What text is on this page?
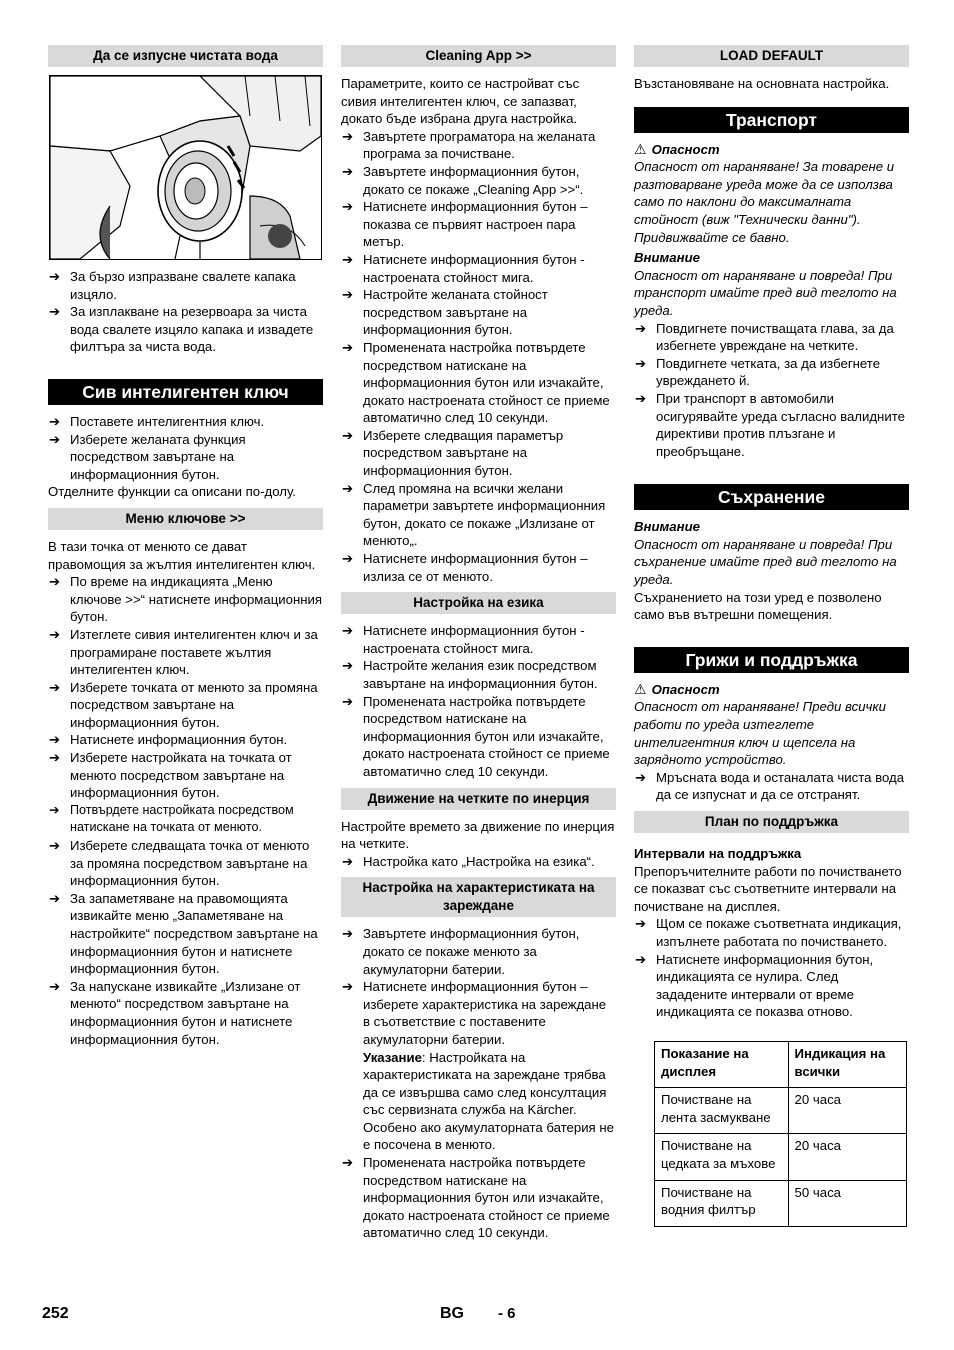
Да се изпусне чистата вода
➔ За бързо изпразване свалете капака изцяло.
➔ За изплакване на резервоара за чиста вода свалете изцяло капака и извадете филтъра за чиста вода.
Сив интелигентен ключ
➔ Поставете интелигентния ключ.
➔ Изберете желаната функция посредством завъртане на информационния бутон.

Отделните функции са описани по-долу.

Меню ключове >>

В тази точка от менюто се дават правомощия за жълтия интелигентен ключ.

➔ По време на индикацията „Меню ключове >>“ натиснете информационния бутон.
➔ Изтеглете сивия интелигентен ключ и за програмиране поставете жълтия интелигентен ключ.
➔ Изберете точката от менюто за промяна посредством завъртане на информационния бутон.
➔ Натиснете информационния бутон.
➔ Изберете настройката на точката от менюто посредством завъртане на информационния бутон.
➔ Потвърдете настройката посредством натискане на точката от менюто.
➔ Изберете следващата точка от менюто за промяна посредством завъртане на информационния бутон.
➔ За запаметяване на правомощията извикайте меню „Запаметяване на настройките“ посредством завъртане на информационния бутон и натиснете информационния бутон.
➔ За напускане извикайте „Излизане от менюто“ посредством завъртане на информационния бутон и натиснете информационния бутон.
Cleaning App >>

Параметрите, които се настройват със сивия интелигентен ключ, се запазват, докато бъде избрана друга настройка.

➔ Завъртете програматора на желаната програма за почистване.
➔ Завъртете информационния бутон, докато се покаже „Cleaning App >>“.
➔ Натиснете информационния бутон – показва се първият настроен пара метър.
➔ Натиснете информационния бутон - настроената стойност мига.
➔ Настройте желаната стойност посредством завъртане на информационния бутон.
➔ Променената настройка потвърдете посредством натискане на информационния бутон или изчакайте, докато настроената стойност се приеме автоматично след 10 секунди.
➔ Изберете следващия параметър посредством завъртане на информационния бутон.
➔ След промяна на всички желани параметри завъртете информационния бутон, докато се покаже „Излизане от менюто„.
➔ Натиснете информационния бутон – излиза се от менюто.
Настройка на езика
➔ Натиснете информационния бутон - настроената стойност мига.
➔ Настройте желания език посредством завъртане на информационния бутон.
➔ Променената настройка потвърдете посредством натискане на информационния бутон или изчакайте, докато настроената стойност се приеме автоматично след 10 секунди.
Движение на четките по инерция

Настройте времето за движение по инерция на четките.

➔ Настройка като „Настройка на езика“.
Настройка на характеристиката на зареждане
➔ Завъртете информационния бутон, докато се покаже менюто за акумулаторни батерии.
➔ Натиснете информационния бутон – изберете характеристика на зареждане в съответствие с поставените акумулаторни батерии.
Указание: Настройката на характеристиката на зареждане трябва да се извършва само след консултация със сервизната служба на Kärcher. Особено ако акумулаторната батерия не е посочена в менюто.
➔ Променената настройка потвърдете посредством натискане на информационния бутон или изчакайте, докато настроената стойност се приеме автоматично след 10 секунди.
LOAD DEFAULT

Възстановяване на основната настройка.

Транспорт
⚠ Опасност

Опасност от нараняване! За товарене и разтоварване уреда може да се използва само по наклони до максималната стойност (виж "Технически данни"). Придвижвайте се бавно.

Внимание

Опасност от нараняване и повреда! При транспорт имайте пред вид теглото на уреда.

➔ Повдигнете почистващата глава, за да избегнете увреждане на четките.
➔ Повдигнете четката, за да избегнете увреждането й.
➔ При транспорт в автомобили осигурявайте уреда съгласно валидните директиви против плъзгане и преобръщане.
Съхранение
Внимание

Опасност от нараняване и повреда! При съхранение имайте пред вид теглото на уреда.

Съхранението на този уред е позволено само във вътрешни помещения.

Грижи и поддръжка
⚠ Опасност

Опасност от нараняване! Преди всички работи по уреда изтеглете интелигентния ключ и щепсела на зарядното устройство.

➔ Мръсната вода и останалата чиста вода да се изпуснат и да се отстранят.
План по поддръжка
Интервали на поддръжка

Препоръчителните работи по почистването се показват със съответните интервали на почистване на дисплея.

➔ Щом се покаже съответната индикация, изпълнете работата по почистването.
➔ Натиснете информационния бутон, индикацията се нулира. След зададените интервали от време индикацията се показва отново.
Показание на дисплея	Индикация на всички
Почистване на лента засмукване	20 часа
Почистване на цедката за мъхове	20 часа
Почистване на водния филтър	50 часа
252	BG - 6
